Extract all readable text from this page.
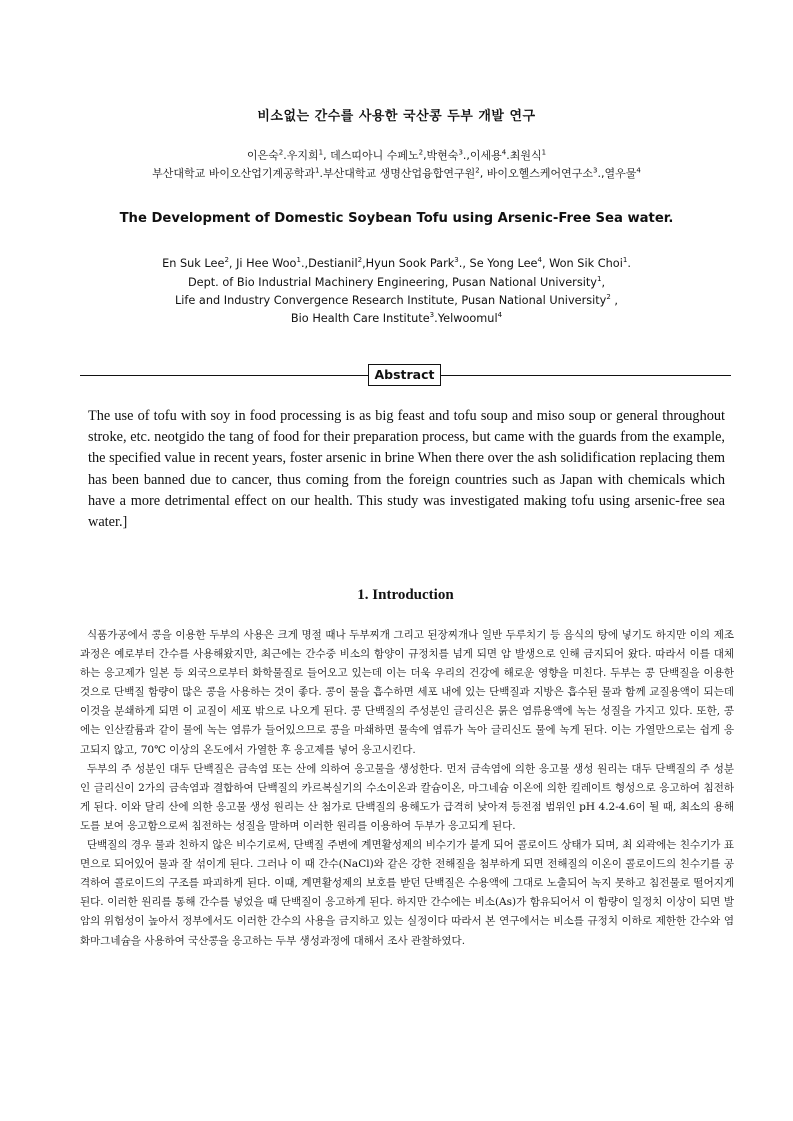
비소없는 간수를 사용한 국산콩 두부 개발 연구
이은숙$^2$.우지희$^1$, 데스띠아니 수페노$^2$,박현숙$^3$.,이세용$^4$.최원식$^1$
부산대학교 바이오산업기계공학과$^1$.부산대학교 생명산업융합연구원$^2$, 바이오헬스케어연구소$^3$.,열우물$^4$
The Development of Domestic Soybean Tofu using Arsenic-Free Sea water.
En Suk Lee$^2$, Ji Hee Woo$^1$.,Destianil$^2$,Hyun Sook Park$^3$., Se Yong Lee$^4$, Won Sik Choi$^1$.
Dept. of Bio Industrial Machinery Engineering, Pusan National University$^1$,
Life and Industry Convergence Research Institute, Pusan National University$^2$ ,
Bio Health Care Institute$^3$.Yelwoomul$^4$
Abstract

The use of tofu with soy in food processing is as big feast and tofu soup and miso soup or general throughout stroke, etc. neotgido the tang of food for their preparation process, but came with the guards from the example, the specified value in recent years, foster arsenic in brine When there over the ash solidification replacing them has been banned due to cancer, thus coming from the foreign countries such as Japan with chemicals which have a more detrimental effect on our health. This study was investigated making tofu using arsenic-free sea water.]

1. Introduction

식품가공에서 콩을 이용한 두부의 사용은 크게 명절 때나 두부찌개 그리고 된장찌개나 일반 두루치기 등 음식의 탕에 넣기도 하지만 이의 제조과정은 예로부터 간수를 사용해왔지만, 최근에는 간수중 비소의 함양이 규정치를 넘게 되면 암 발생으로 인해 금지되어 왔다. 따라서 이를 대체하는 응고제가 일본 등 외국으로부터 화학물질로 들어오고 있는데 이는 더욱 우리의 건강에 해로운 영향을 미친다. 두부는 콩 단백질을 이용한 것으로 단백질 함량이 많은 콩을 사용하는 것이 좋다. 콩이 물을 흡수하면 세포 내에 있는 단백질과 지방은 흡수된 물과 함께 교질용액이 되는데 이것을 분쇄하게 되면 이 교질이 세포 밖으로 나오게 된다. 콩 단백질의 주성분인 글리신은 묽은 염류용액에 녹는 성질을 가지고 있다. 또한, 콩에는 인산칼륨과 같이 물에 녹는 염류가 들어있으므로 콩을 마쇄하면 물속에 염류가 녹아 글리신도 물에 녹게 된다. 이는 가열만으로는 쉽게 응고되지 않고, 70℃ 이상의 온도에서 가열한 후 응고제를 넣어 응고시킨다.

두부의 주 성분인 대두 단백질은 금속염 또는 산에 의하여 응고물을 생성한다. 먼저 금속염에 의한 응고물 생성 원리는 대두 단백질의 주 성분인 글리신이 2가의 금속염과 결합하여 단백질의 카르복실기의 수소이온과 칼슘이온, 마그네슘 이온에 의한 킬레이트 형성으로 응고하여 침전하게 된다. 이와 달리 산에 의한 응고물 생성 원리는 산 첨가로 단백질의 용해도가 급격히 낮아져 등전점 범위인 pH 4.2-4.6이 될 때, 최소의 용해도를 보여 응고함으로써 침전하는 성질을 말하며 이러한 원리를 이용하여 두부가 응고되게 된다.

단백질의 경우 물과 친하지 않은 비수기로써, 단백질 주변에 계면활성제의 비수기가 붙게 되어 콜로이드 상태가 되며, 최 외곽에는 친수기가 표면으로 되어있어 물과 잘 섞이게 된다. 그러나 이 때 간수(NaCl)와 같은 강한 전해질을 첨부하게 되면 전해질의 이온이 콜로이드의 친수기를 공격하여 콜로이드의 구조를 파괴하게 된다. 이때, 계면활성제의 보호를 받던 단백질은 수용액에 그대로 노출되어 녹지 못하고 침전물로 떨어지게 된다. 이러한 원리를 통해 간수를 넣었을 때 단백질이 응고하게 된다. 하지만 간수에는 비소(As)가 함유되어서 이 함량이 일정치 이상이 되면 발암의 위험성이 높아서 정부에서도 이러한 간수의 사용을 금지하고 있는 실정이다 따라서 본 연구에서는 비소를 규정치 이하로 제한한 간수와 염화마그네슘을 사용하여 국산콩을 응고하는 두부 생성과정에 대해서 조사 관찰하였다.
